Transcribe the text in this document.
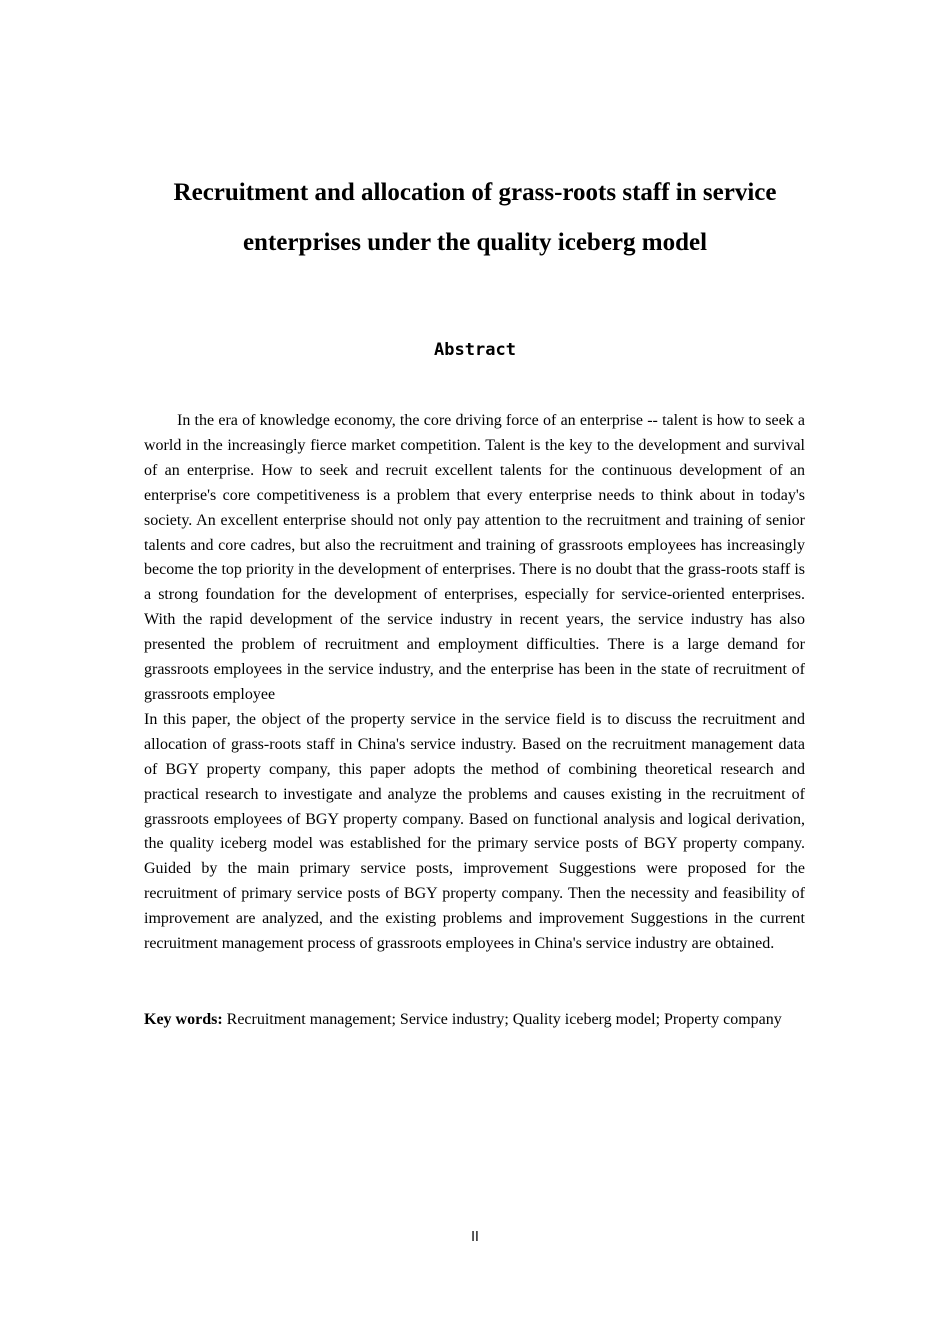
Recruitment and allocation of grass-roots staff in service

enterprises under the quality iceberg model

Abstract

In the era of knowledge economy, the core driving force of an enterprise -- talent is how to seek a world in the increasingly fierce market competition. Talent is the key to the development and survival of an enterprise. How to seek and recruit excellent talents for the continuous development of an enterprise's core competitiveness is a problem that every enterprise needs to think about in today's society. An excellent enterprise should not only pay attention to the recruitment and training of senior talents and core cadres, but also the recruitment and training of grassroots employees has increasingly become the top priority in the development of enterprises. There is no doubt that the grass-roots staff is a strong foundation for the development of enterprises, especially for service-oriented enterprises. With the rapid development of the service industry in recent years, the service industry has also presented the problem of recruitment and employment difficulties. There is a large demand for grassroots employees in the service industry, and the enterprise has been in the state of recruitment of grassroots employee

In this paper, the object of the property service in the service field is to discuss the recruitment and allocation of grass-roots staff in China's service industry. Based on the recruitment management data of BGY property company, this paper adopts the method of combining theoretical research and practical research to investigate and analyze the problems and causes existing in the recruitment of grassroots employees of BGY property company. Based on functional analysis and logical derivation, the quality iceberg model was established for the primary service posts of BGY property company. Guided by the main primary service posts, improvement Suggestions were proposed for the recruitment of primary service posts of BGY property company. Then the necessity and feasibility of improvement are analyzed, and the existing problems and improvement Suggestions in the current recruitment management process of grassroots employees in China's service industry are obtained.

Key words: Recruitment management; Service industry; Quality iceberg model; Property company

II
